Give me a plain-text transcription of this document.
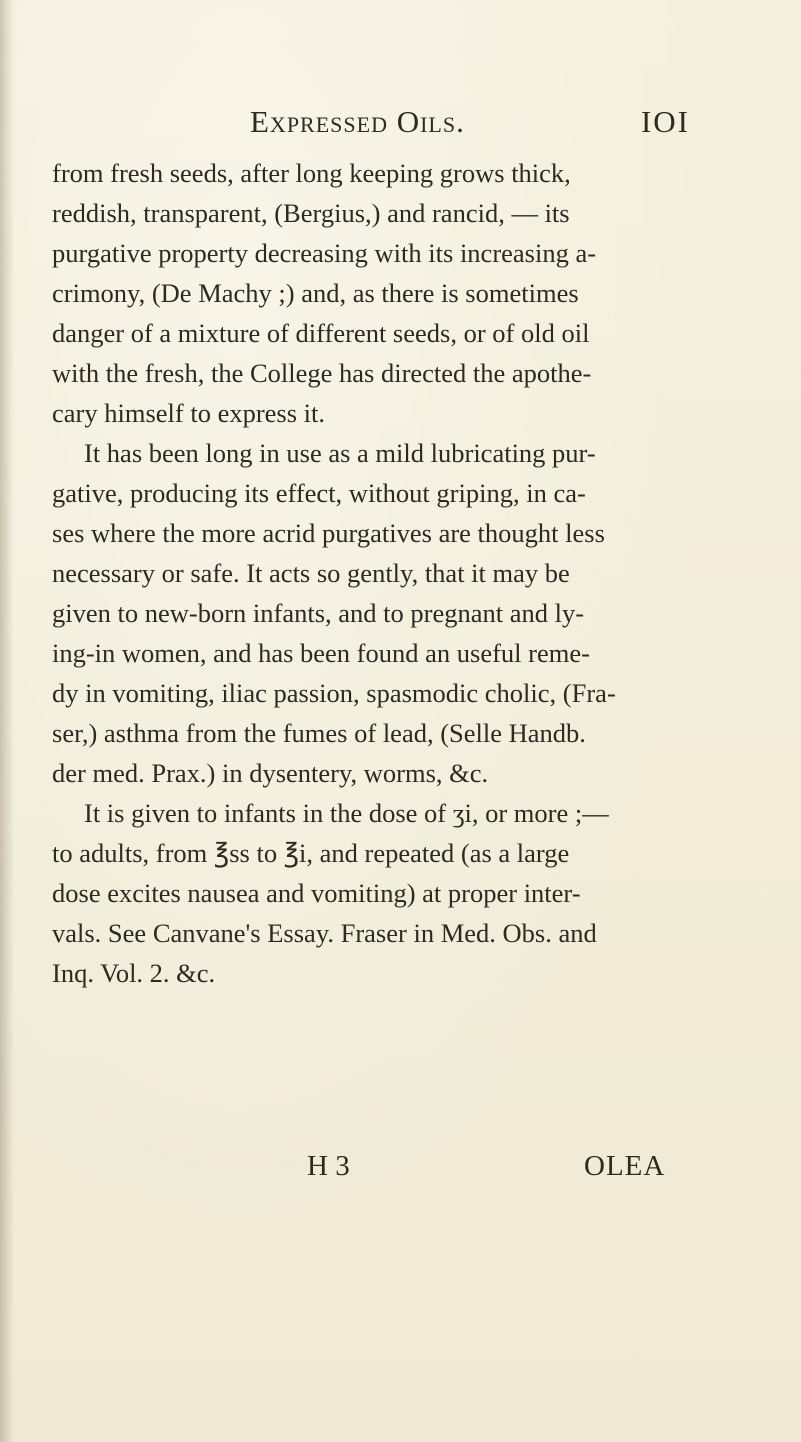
Expressed Oils.	IOI
from fresh seeds, after long keeping grows thick,
reddish, transparent, (Bergius,) and rancid, — its
purgative property decreasing with its increasing a-
crimony, (De Machy ;) and, as there is sometimes
danger of a mixture of different seeds, or of old oil
with the fresh, the College has directed the apothe-
cary himself to express it.
It has been long in use as a mild lubricating pur-
gative, producing its effect, without griping, in ca-
ses where the more acrid purgatives are thought less
necessary or safe. It acts so gently, that it may be
given to new-born infants, and to pregnant and ly-
ing-in women, and has been found an useful reme-
dy in vomiting, iliac passion, spasmodic cholic, (Fra-
ser,) asthma from the fumes of lead, (Selle Handb.
der med. Prax.) in dysentery, worms, &c.
It is given to infants in the dose of ʒi, or more ;—
to adults, from ℥ss to ℥i, and repeated (as a large
dose excites nausea and vomiting) at proper inter-
vals. See Canvane's Essay. Fraser in Med. Obs. and
Inq. Vol. 2. &c.
H 3	OLEA
